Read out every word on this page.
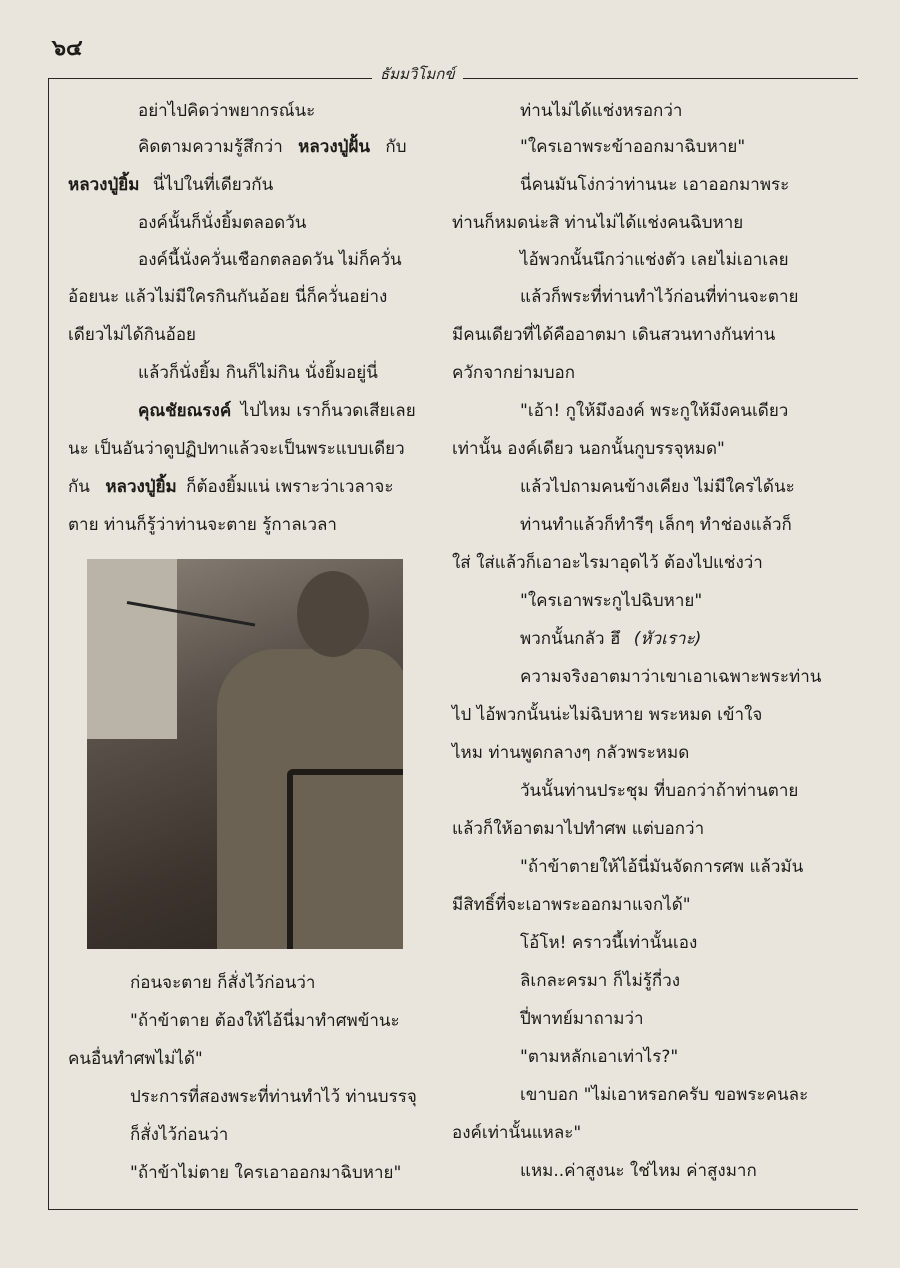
๖๔
ธัมมวิโมกข์
อย่าไปคิดว่าพยากรณ์นะ
คิดตามความรู้สึกว่า หลวงปู่ฝั้น กับ
หลวงปู่ยิ้ม นี่ไปในที่เดียวกัน
องค์นั้นก็นั่งยิ้มตลอดวัน
องค์นี้นั่งควั่นเชือกตลอดวัน ไม่ก็ควั่น
อ้อยนะ แล้วไม่มีใครกินกันอ้อย นี่ก็ควั่นอย่าง
เดียวไม่ได้กินอ้อย
แล้วก็นั่งยิ้ม กินก็ไม่กิน นั่งยิ้มอยู่นี่
คุณชัยณรงค์ ไปไหม เราก็นวดเสียเลย
นะ เป็นอันว่าดูปฏิปทาแล้วจะเป็นพระแบบเดียว
กัน หลวงปู่ยิ้ม ก็ต้องยิ้มแน่ เพราะว่าเวลาจะ
ตาย ท่านก็รู้ว่าท่านจะตาย รู้กาลเวลา
ก่อนจะตาย ก็สั่งไว้ก่อนว่า
"ถ้าข้าตาย ต้องให้ไอ้นี่มาทำศพข้านะ
คนอื่นทำศพไม่ได้"
ประการที่สองพระที่ท่านทำไว้ ท่านบรรจุ
ก็สั่งไว้ก่อนว่า
"ถ้าข้าไม่ตาย ใครเอาออกมาฉิบหาย"
ท่านไม่ได้แช่งหรอกว่า
"ใครเอาพระข้าออกมาฉิบหาย"
นี่คนมันโง่กว่าท่านนะ เอาออกมาพระ
ท่านก็หมดน่ะสิ ท่านไม่ได้แช่งคนฉิบหาย
ไอ้พวกนั้นนึกว่าแช่งตัว เลยไม่เอาเลย
แล้วก็พระที่ท่านทำไว้ก่อนที่ท่านจะตาย
มีคนเดียวที่ได้คืออาตมา เดินสวนทางกันท่าน
ควักจากย่ามบอก
"เอ้า! กูให้มึงองค์ พระกูให้มึงคนเดียว
เท่านั้น องค์เดียว นอกนั้นกูบรรจุหมด"
แล้วไปถามคนข้างเคียง ไม่มีใครได้นะ
ท่านทำแล้วก็ทำรีๆ เล็กๆ ทำช่องแล้วก็
ใส่ ใส่แล้วก็เอาอะไรมาอุดไว้ ต้องไปแช่งว่า
"ใครเอาพระกูไปฉิบหาย"
พวกนั้นกลัว ฮึ (หัวเราะ)
ความจริงอาตมาว่าเขาเอาเฉพาะพระท่าน
ไป ไอ้พวกนั้นน่ะไม่ฉิบหาย พระหมด เข้าใจ
ไหม ท่านพูดกลางๆ กลัวพระหมด
วันนั้นท่านประชุม ที่บอกว่าถ้าท่านตาย
แล้วก็ให้อาตมาไปทำศพ แต่บอกว่า
"ถ้าข้าตายให้ไอ้นี่มันจัดการศพ แล้วมัน
มีสิทธิ์ที่จะเอาพระออกมาแจกได้"
โอ้โห! คราวนี้เท่านั้นเอง
ลิเกละครมา ก็ไม่รู้กี่วง
ปี่พาทย์มาถามว่า
"ตามหลักเอาเท่าไร?"
เขาบอก "ไม่เอาหรอกครับ ขอพระคนละ
องค์เท่านั้นแหละ"
แหม..ค่าสูงนะ ใช่ไหม ค่าสูงมาก
